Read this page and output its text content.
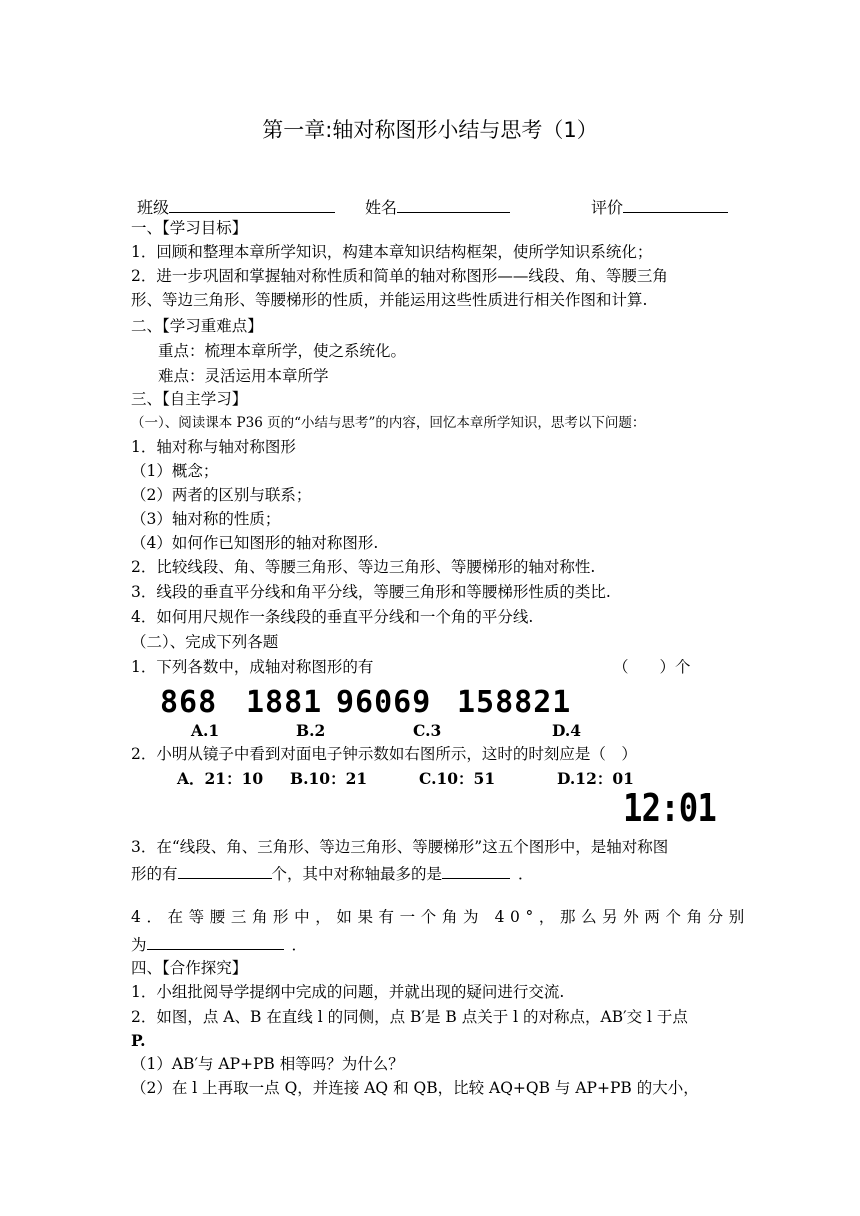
第一章:轴对称图形小结与思考（1）
班级	姓名	评价
一、【学习目标】
1．回顾和整理本章所学知识，构建本章知识结构框架，使所学知识系统化；
2．进一步巩固和掌握轴对称性质和简单的轴对称图形——线段、角、等腰三角
形、等边三角形、等腰梯形的性质，并能运用这些性质进行相关作图和计算.
二、【学习重难点】
重点：梳理本章所学，使之系统化。
难点：灵活运用本章所学
三、【自主学习】
（一）、阅读课本 P36 页的“小结与思考”的内容，回忆本章所学知识，思考以下问题：
1．轴对称与轴对称图形
（1）概念；
（2）两者的区别与联系；
（3）轴对称的性质；
（4）如何作已知图形的轴对称图形.
2．比较线段、角、等腰三角形、等边三角形、等腰梯形的轴对称性.
3．线段的垂直平分线和角平分线，等腰三角形和等腰梯形性质的类比.
4．如何用尺规作一条线段的垂直平分线和一个角的平分线.
（二）、完成下列各题
1．下列各数中，成轴对称图形的有	（　　）个
868 1881 96069 158821
A.1	B.2	C.3	D.4
2．小明从镜子中看到对面电子钟示数如右图所示，这时的时刻应是（　）
A．21：10 B.10：21	C.10：51	D.12：01
12:01
3．在“线段、角、三角形、等边三角形、等腰梯形”这五个图形中，是轴对称图
形的有	个，其中对称轴最多的是	．
4．在等腰三角形中，如果有一个角为 40°，那么另外两个角分别
为	．
四、【合作探究】
1．小组批阅导学提纲中完成的问题，并就出现的疑问进行交流.
2．如图，点 A、B 在直线 l 的同侧，点 B′是 B 点关于 l 的对称点，AB′交 l 于点
P.
（1）AB′与 AP+PB 相等吗？为什么？
（2）在 l 上再取一点 Q，并连接 AQ 和 QB，比较 AQ+QB 与 AP+PB 的大小，
